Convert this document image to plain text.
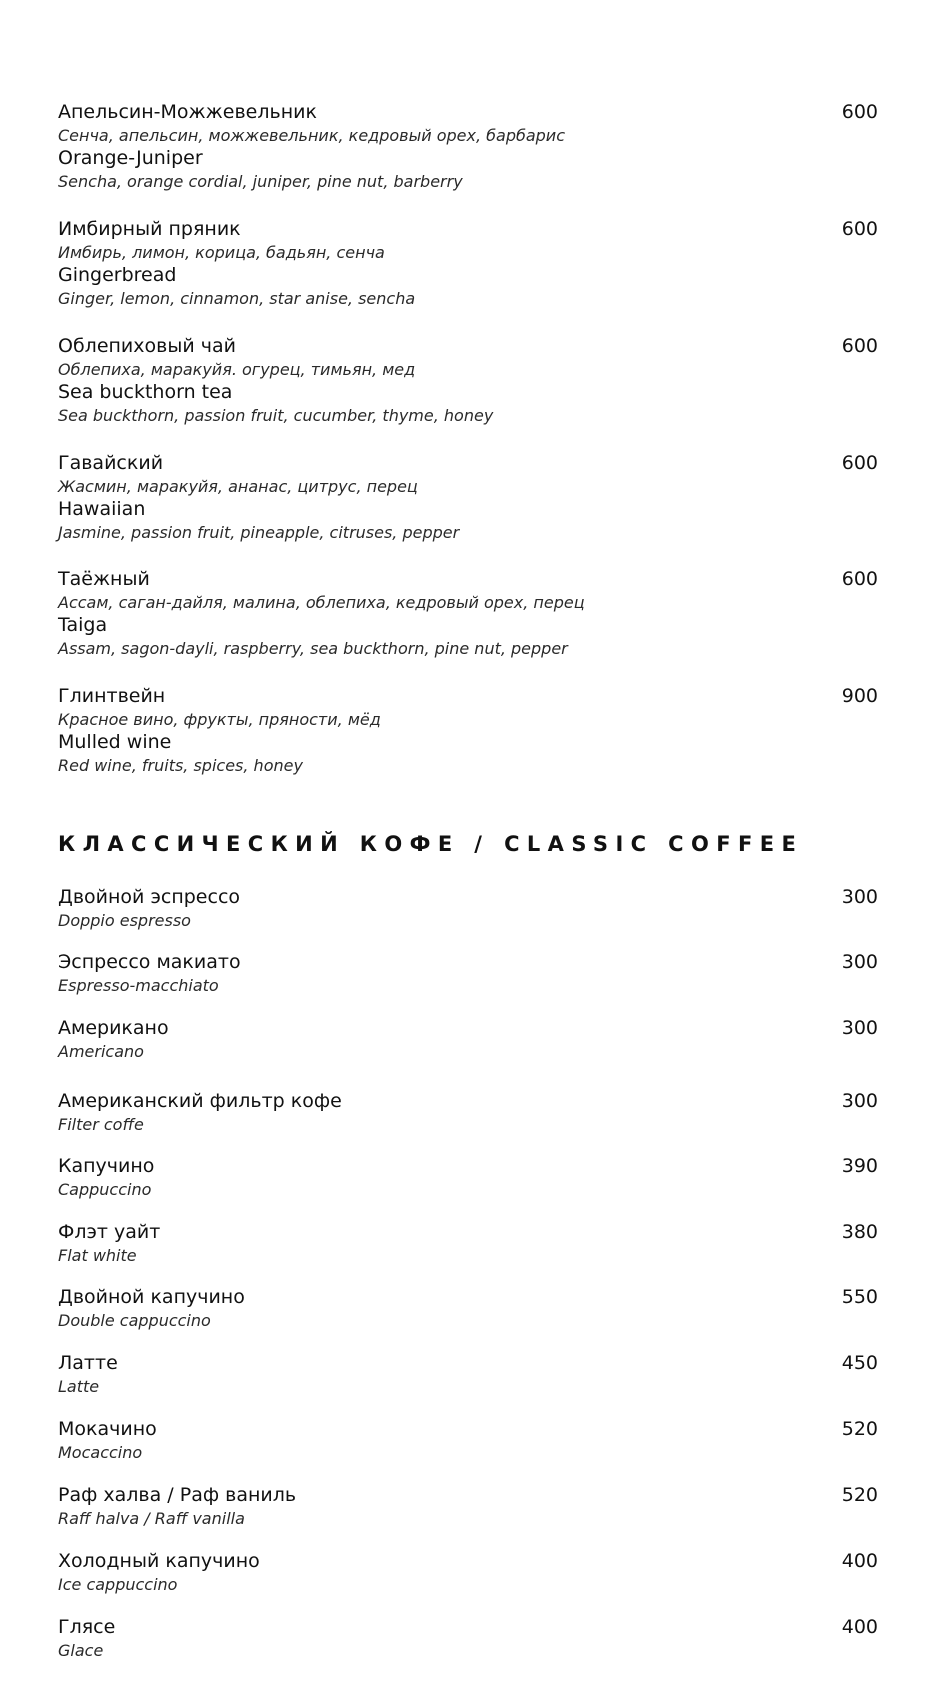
Апельсин-Можжевельник	600
Сенча, апельсин, можжевельник, кедровый орех, барбарис
Orange-Juniper
Sencha, orange cordial, juniper, pine nut, barberry
Имбирный пряник	600
Имбирь, лимон, корица, бадьян, сенча
Gingerbread
Ginger, lemon, cinnamon, star anise, sencha
Облепиховый чай	600
Облепиха, маракуйя. огурец, тимьян, мед
Sea buckthorn tea
Sea buckthorn, passion fruit, cucumber, thyme, honey
Гавайский	600
Жасмин, маракуйя, ананас, цитрус, перец
Hawaiian
Jasmine, passion fruit, pineapple, citruses, pepper
Таёжный	600
Ассам, саган-дайля, малина, облепиха, кедровый орех, перец
Taiga
Assam, sagon-dayli, raspberry, sea buckthorn, pine nut, pepper
Глинтвейн	900
Красное вино, фрукты, пряности, мёд
Mulled wine
Red wine, fruits, spices, honey
КЛАССИЧЕСКИЙ КОФЕ / CLASSIC COFFEE
Двойной эспрессо	300
Doppio espresso
Эспрессо макиато	300
Espresso-macchiato
Американо	300
Americano
Американский фильтр кофе	300
Filter coffe
Капучино	390
Cappuccino
Флэт уайт	380
Flat white
Двойной капучино	550
Double cappuccino
Латте	450
Latte
Мокачино	520
Mocaccino
Раф халва / Раф ваниль	520
Raff halva / Raff vanilla
Холодный капучино	400
Ice cappuccino
Глясе	400
Glace
